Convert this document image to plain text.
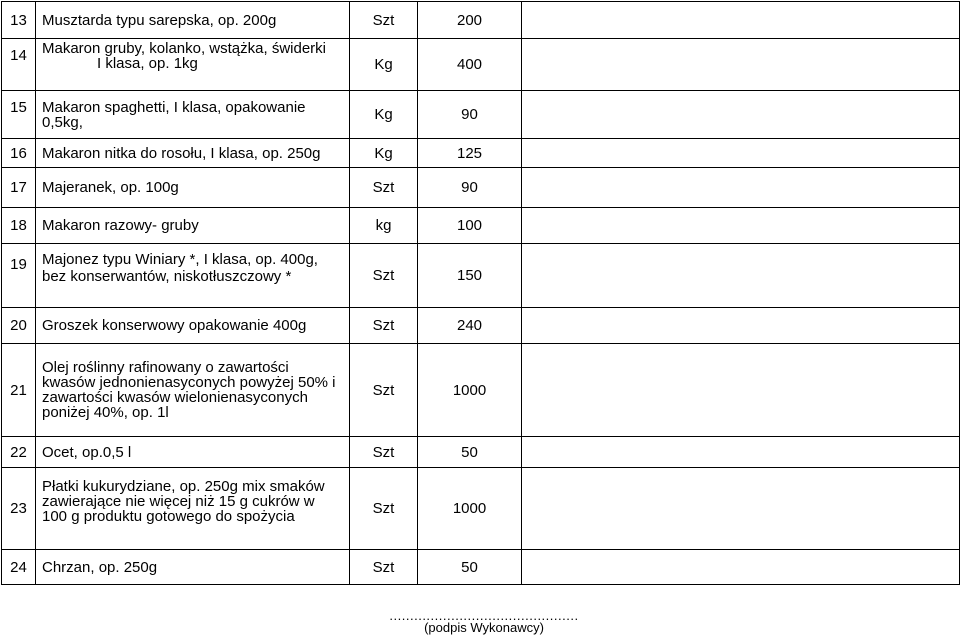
13	Musztarda typu sarepska, op. 200g	Szt	200	
14	Makaron gruby, kolanko, wstążka, świderki
I klasa, op. 1kg	Kg	400	
15	Makaron spaghetti, I klasa, opakowanie
0,5kg,	Kg	90	
16	Makaron nitka do rosołu, I klasa, op. 250g	Kg	125	
17	Majeranek, op. 100g	Szt	90	
18	Makaron razowy- gruby	kg	100	
19	Majonez typu Winiary *, I klasa, op. 400g,
bez konserwantów, niskotłuszczowy *	Szt	150	
20	Groszek konserwowy opakowanie 400g	Szt	240	
21	Olej roślinny rafinowany o zawartości
kwasów jednonienasyconych powyżej 50% i
zawartości kwasów wielonienasyconych
poniżej 40%, op. 1l	Szt	1000	
22	Ocet, op.0,5 l	Szt	50	
23	Płatki kukurydziane, op. 250g mix smaków
zawierające nie więcej niż 15 g cukrów w
100 g produktu gotowego do spożycia	Szt	1000	
24	Chrzan, op. 250g	Szt	50	
..............................................
(podpis Wykonawcy)
